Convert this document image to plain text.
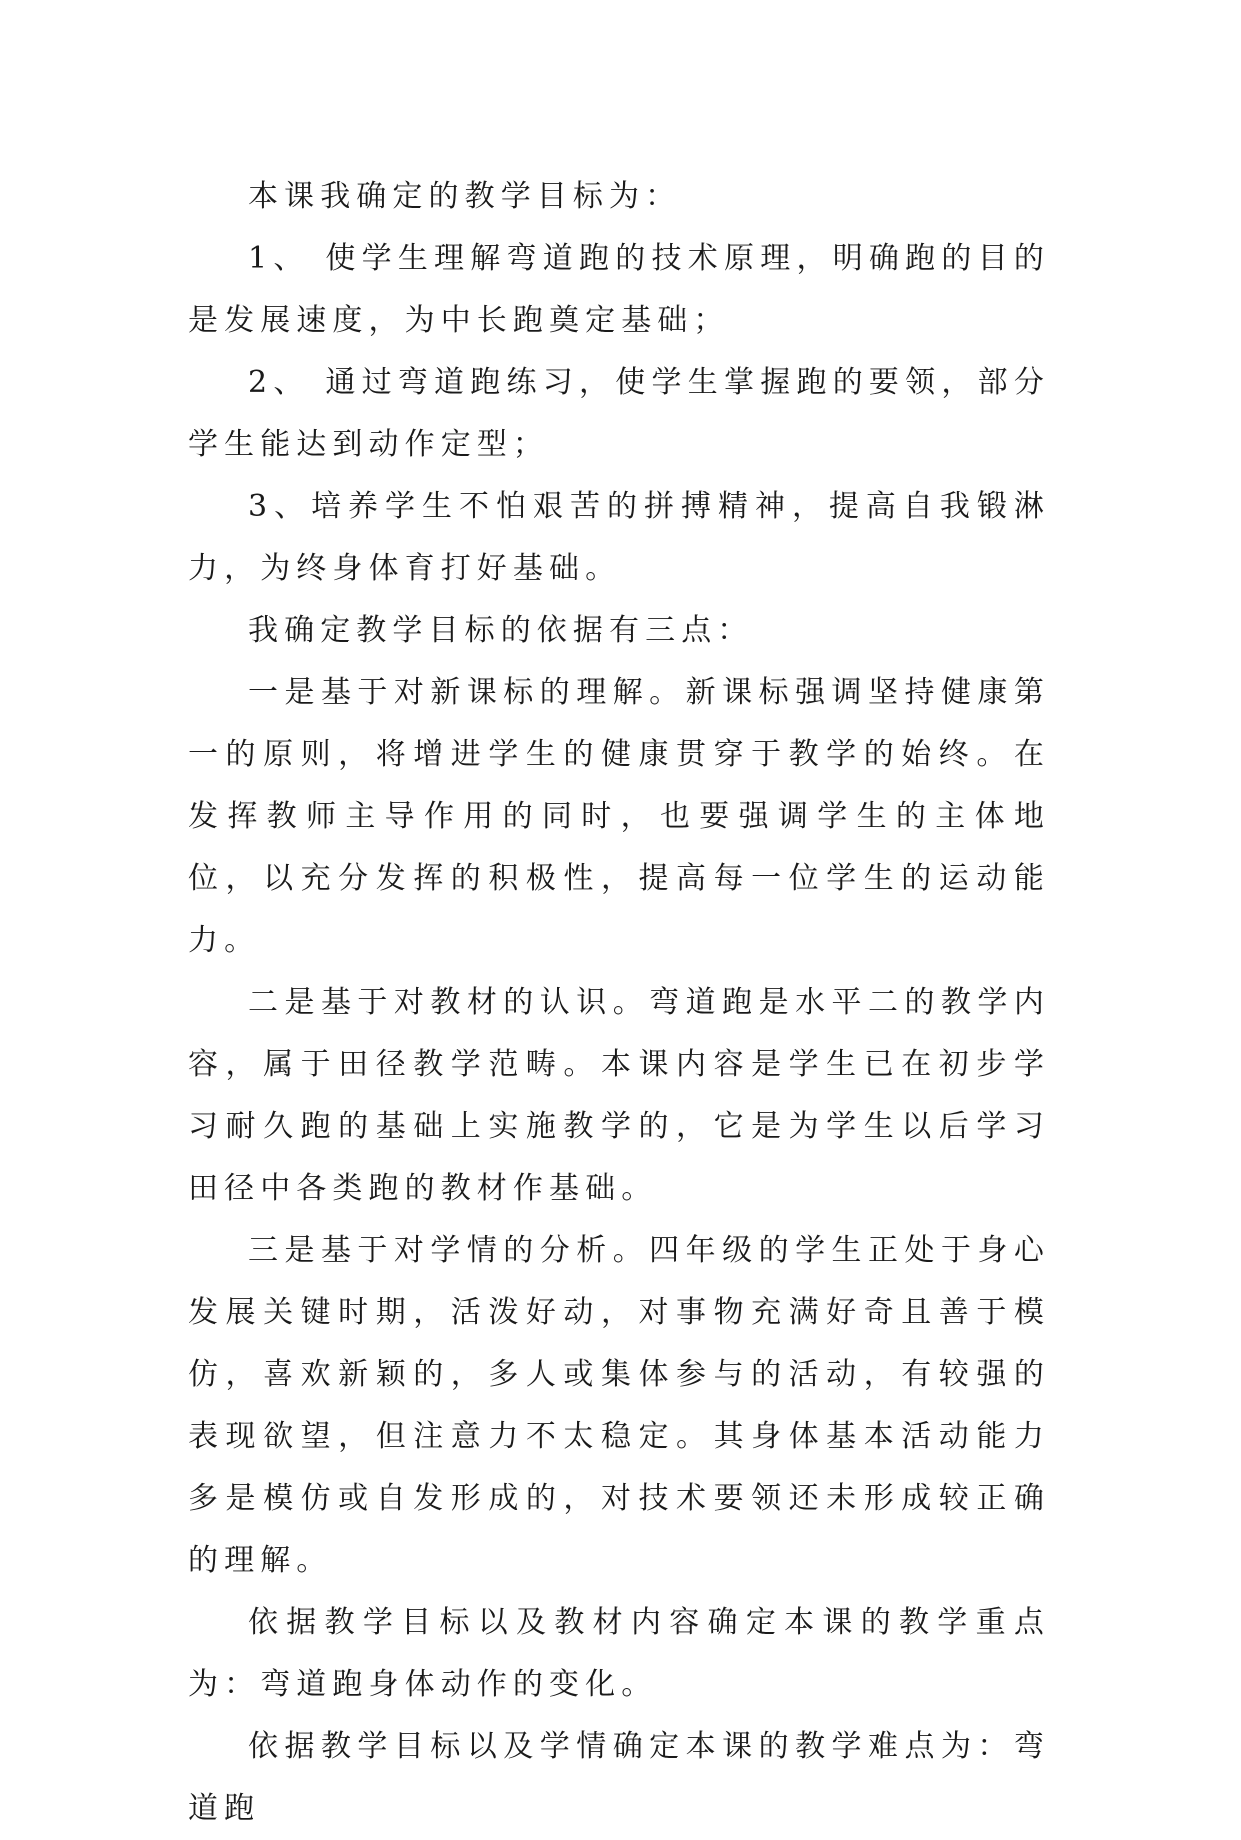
本课我确定的教学目标为：

1、 使学生理解弯道跑的技术原理，明确跑的目的是发展速度，为中长跑奠定基础；

2、 通过弯道跑练习，使学生掌握跑的要领，部分学生能达到动作定型；

3、培养学生不怕艰苦的拼搏精神，提高自我锻淋力，为终身体育打好基础。

我确定教学目标的依据有三点：

一是基于对新课标的理解。新课标强调坚持健康第一的原则，将增进学生的健康贯穿于教学的始终。在发挥教师主导作用的同时，也要强调学生的主体地位，以充分发挥的积极性，提高每一位学生的运动能力。

二是基于对教材的认识。弯道跑是水平二的教学内容，属于田径教学范畴。本课内容是学生已在初步学习耐久跑的基础上实施教学的，它是为学生以后学习田径中各类跑的教材作基础。

三是基于对学情的分析。四年级的学生正处于身心发展关键时期，活泼好动，对事物充满好奇且善于模仿，喜欢新颖的，多人或集体参与的活动，有较强的表现欲望，但注意力不太稳定。其身体基本活动能力多是模仿或自发形成的，对技术要领还未形成较正确的理解。

依据教学目标以及教材内容确定本课的教学重点为：弯道跑身体动作的变化。

依据教学目标以及学情确定本课的教学难点为：弯道跑
